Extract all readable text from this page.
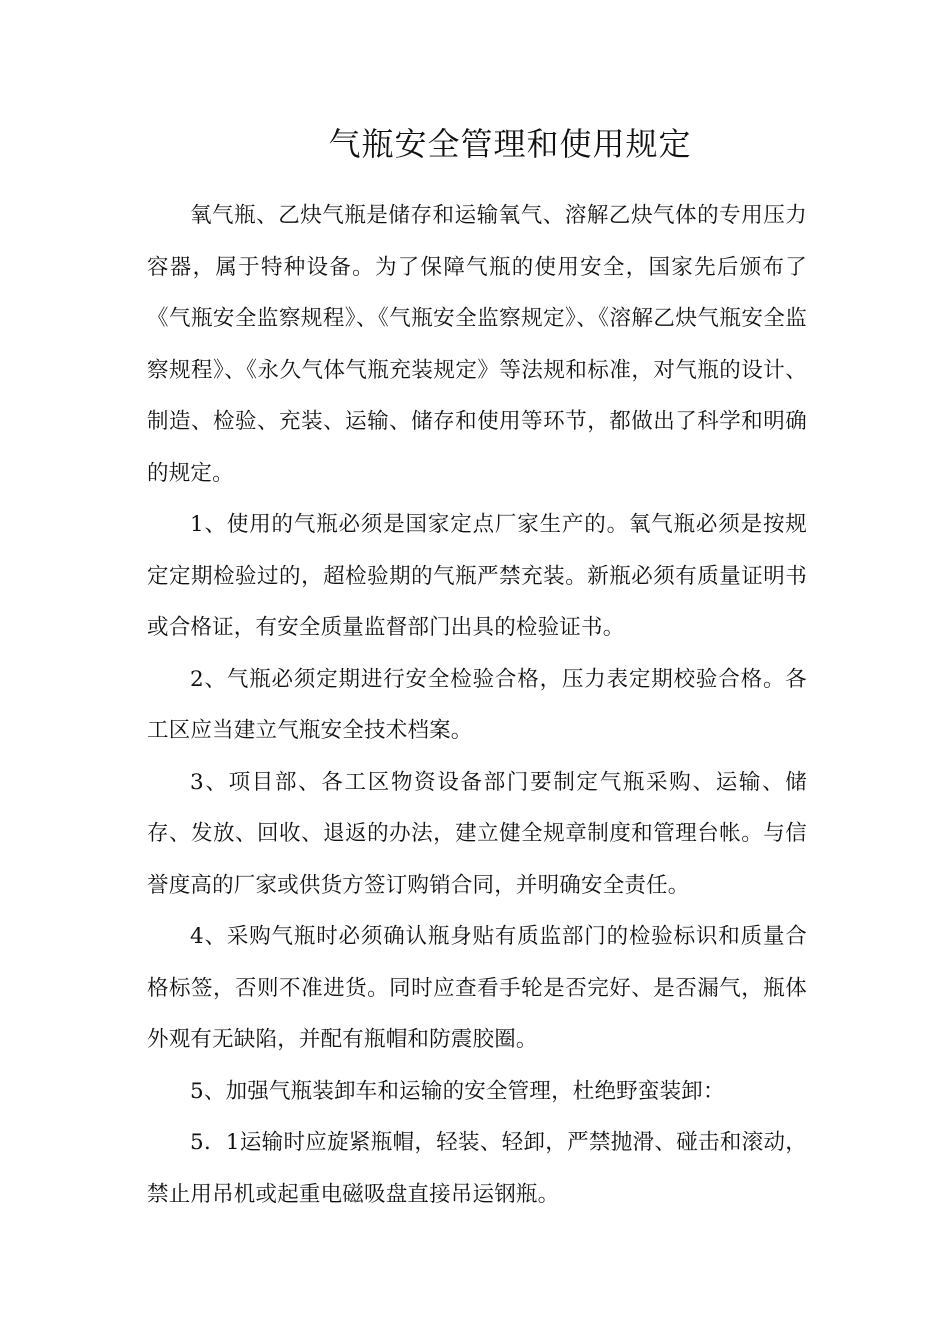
气瓶安全管理和使用规定

氧气瓶、乙炔气瓶是储存和运输氧气、溶解乙炔气体的专用压力容器，属于特种设备。为了保障气瓶的使用安全，国家先后颁布了《气瓶安全监察规程》、《气瓶安全监察规定》、《溶解乙炔气瓶安全监察规程》、《永久气体气瓶充装规定》等法规和标准，对气瓶的设计、制造、检验、充装、运输、储存和使用等环节，都做出了科学和明确的规定。

1、使用的气瓶必须是国家定点厂家生产的。氧气瓶必须是按规定定期检验过的，超检验期的气瓶严禁充装。新瓶必须有质量证明书或合格证，有安全质量监督部门出具的检验证书。

2、气瓶必须定期进行安全检验合格，压力表定期校验合格。各工区应当建立气瓶安全技术档案。

3、项目部、各工区物资设备部门要制定气瓶采购、运输、储存、发放、回收、退返的办法，建立健全规章制度和管理台帐。与信誉度高的厂家或供货方签订购销合同，并明确安全责任。

4、采购气瓶时必须确认瓶身贴有质监部门的检验标识和质量合格标签，否则不准进货。同时应查看手轮是否完好、是否漏气，瓶体外观有无缺陷，并配有瓶帽和防震胶圈。

5、加强气瓶装卸车和运输的安全管理，杜绝野蛮装卸：

5．1运输时应旋紧瓶帽，轻装、轻卸，严禁抛滑、碰击和滚动，禁止用吊机或起重电磁吸盘直接吊运钢瓶。
